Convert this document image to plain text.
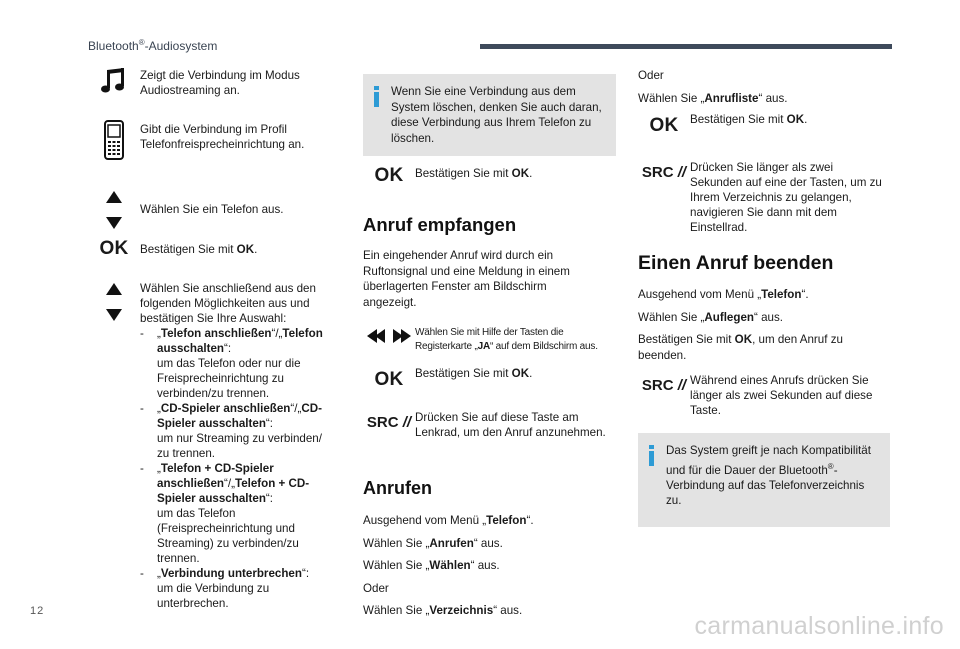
Bluetooth®-Audiosystem
Zeigt die Verbindung im Modus Audiostreaming an.
Gibt die Verbindung im Profil Telefonfreisprecheinrichtung an.
Wählen Sie ein Telefon aus.
OK Bestätigen Sie mit OK.
Wählen Sie anschließend aus den folgenden Möglichkeiten aus und bestätigen Sie Ihre Auswahl:
- „Telefon anschließen“/„Telefon ausschalten“:
um das Telefon oder nur die Freisprecheinrichtung zu verbinden/zu trennen.
- „CD-Spieler anschließen“/„CD-Spieler ausschalten“:
um nur Streaming zu verbinden/ zu trennen.
- „Telefon + CD-Spieler anschließen“/„Telefon + CD-Spieler ausschalten“:
um das Telefon (Freisprecheinrichtung und Streaming) zu verbinden/zu trennen.
- „Verbindung unterbrechen“: um die Verbindung zu unterbrechen.
Wenn Sie eine Verbindung aus dem System löschen, denken Sie auch daran, diese Verbindung aus Ihrem Telefon zu löschen.
OK Bestätigen Sie mit OK.
Anruf empfangen
Ein eingehender Anruf wird durch ein Ruftonsignal und eine Meldung in einem überlagerten Fenster am Bildschirm angezeigt.
Wählen Sie mit Hilfe der Tasten die Registerkarte „JA“ auf dem Bildschirm aus.
OK Bestätigen Sie mit OK.
SRC // Drücken Sie auf diese Taste am Lenkrad, um den Anruf anzunehmen.
Anrufen
Ausgehend vom Menü „Telefon“.
Wählen Sie „Anrufen“ aus.
Wählen Sie „Wählen“ aus.
Oder
Wählen Sie „Verzeichnis“ aus.
Oder
Wählen Sie „Anrufliste“ aus.
OK Bestätigen Sie mit OK.
SRC // Drücken Sie länger als zwei Sekunden auf eine der Tasten, um zu Ihrem Verzeichnis zu gelangen, navigieren Sie dann mit dem Einstellrad.
Einen Anruf beenden
Ausgehend vom Menü „Telefon“.
Wählen Sie „Auflegen“ aus.
Bestätigen Sie mit OK, um den Anruf zu beenden.
SRC // Während eines Anrufs drücken Sie länger als zwei Sekunden auf diese Taste.
Das System greift je nach Kompatibilität und für die Dauer der Bluetooth®-Verbindung auf das Telefonverzeichnis zu.
12
carmanualsonline.info
